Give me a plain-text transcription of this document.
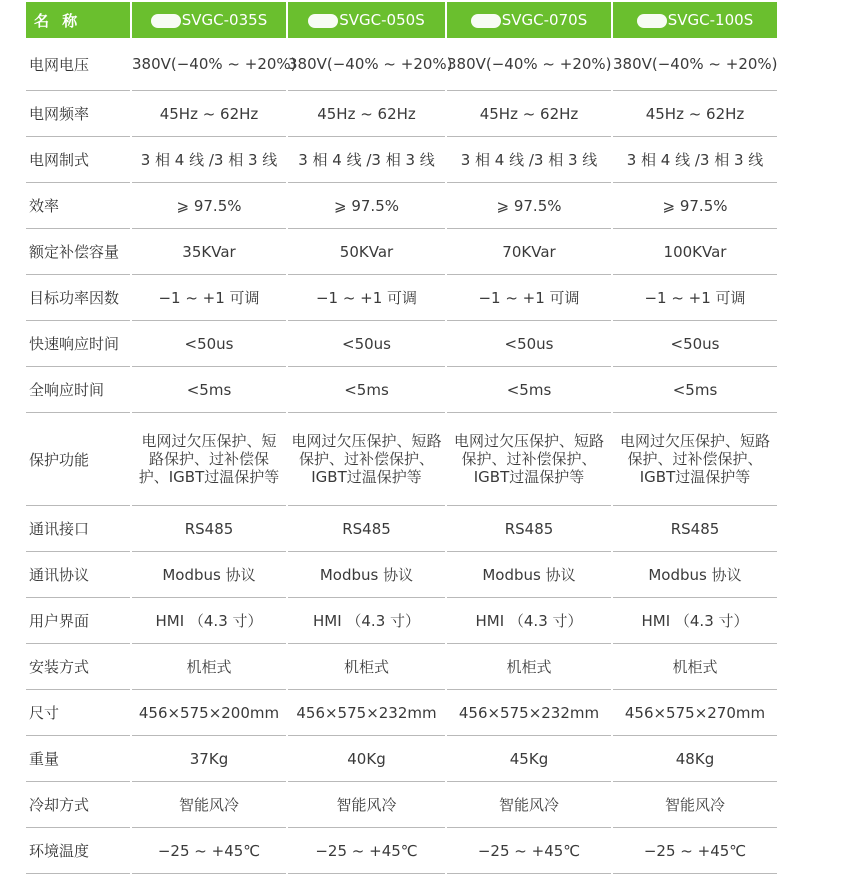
名 称	SVGC-035S	SVGC-050S	SVGC-070S	SVGC-100S
电网电压	380V(−40% ~ +20%)	380V(−40% ~ +20%)	380V(−40% ~ +20%)	380V(−40% ~ +20%)
电网频率	45Hz ~ 62Hz	45Hz ~ 62Hz	45Hz ~ 62Hz	45Hz ~ 62Hz
电网制式	3 相 4 线 /3 相 3 线	3 相 4 线 /3 相 3 线	3 相 4 线 /3 相 3 线	3 相 4 线 /3 相 3 线
效率	⩾ 97.5%	⩾ 97.5%	⩾ 97.5%	⩾ 97.5%
额定补偿容量	35KVar	50KVar	70KVar	100KVar
目标功率因数	−1 ~ +1 可调	−1 ~ +1 可调	−1 ~ +1 可调	−1 ~ +1 可调
快速响应时间	<50us	<50us	<50us	<50us
全响应时间	<5ms	<5ms	<5ms	<5ms
保护功能	电网过欠压保护、短路保护、过补偿保护、IGBT过温保护等	电网过欠压保护、短路保护、过补偿保护、IGBT过温保护等	电网过欠压保护、短路保护、过补偿保护、IGBT过温保护等	电网过欠压保护、短路保护、过补偿保护、IGBT过温保护等
通讯接口	RS485	RS485	RS485	RS485
通讯协议	Modbus 协议	Modbus 协议	Modbus 协议	Modbus 协议
用户界面	HMI （4.3 寸）	HMI （4.3 寸）	HMI （4.3 寸）	HMI （4.3 寸）
安装方式	机柜式	机柜式	机柜式	机柜式
尺寸	456×575×200mm	456×575×232mm	456×575×232mm	456×575×270mm
重量	37Kg	40Kg	45Kg	48Kg
冷却方式	智能风冷	智能风冷	智能风冷	智能风冷
环境温度	−25 ~ +45℃	−25 ~ +45℃	−25 ~ +45℃	−25 ~ +45℃
